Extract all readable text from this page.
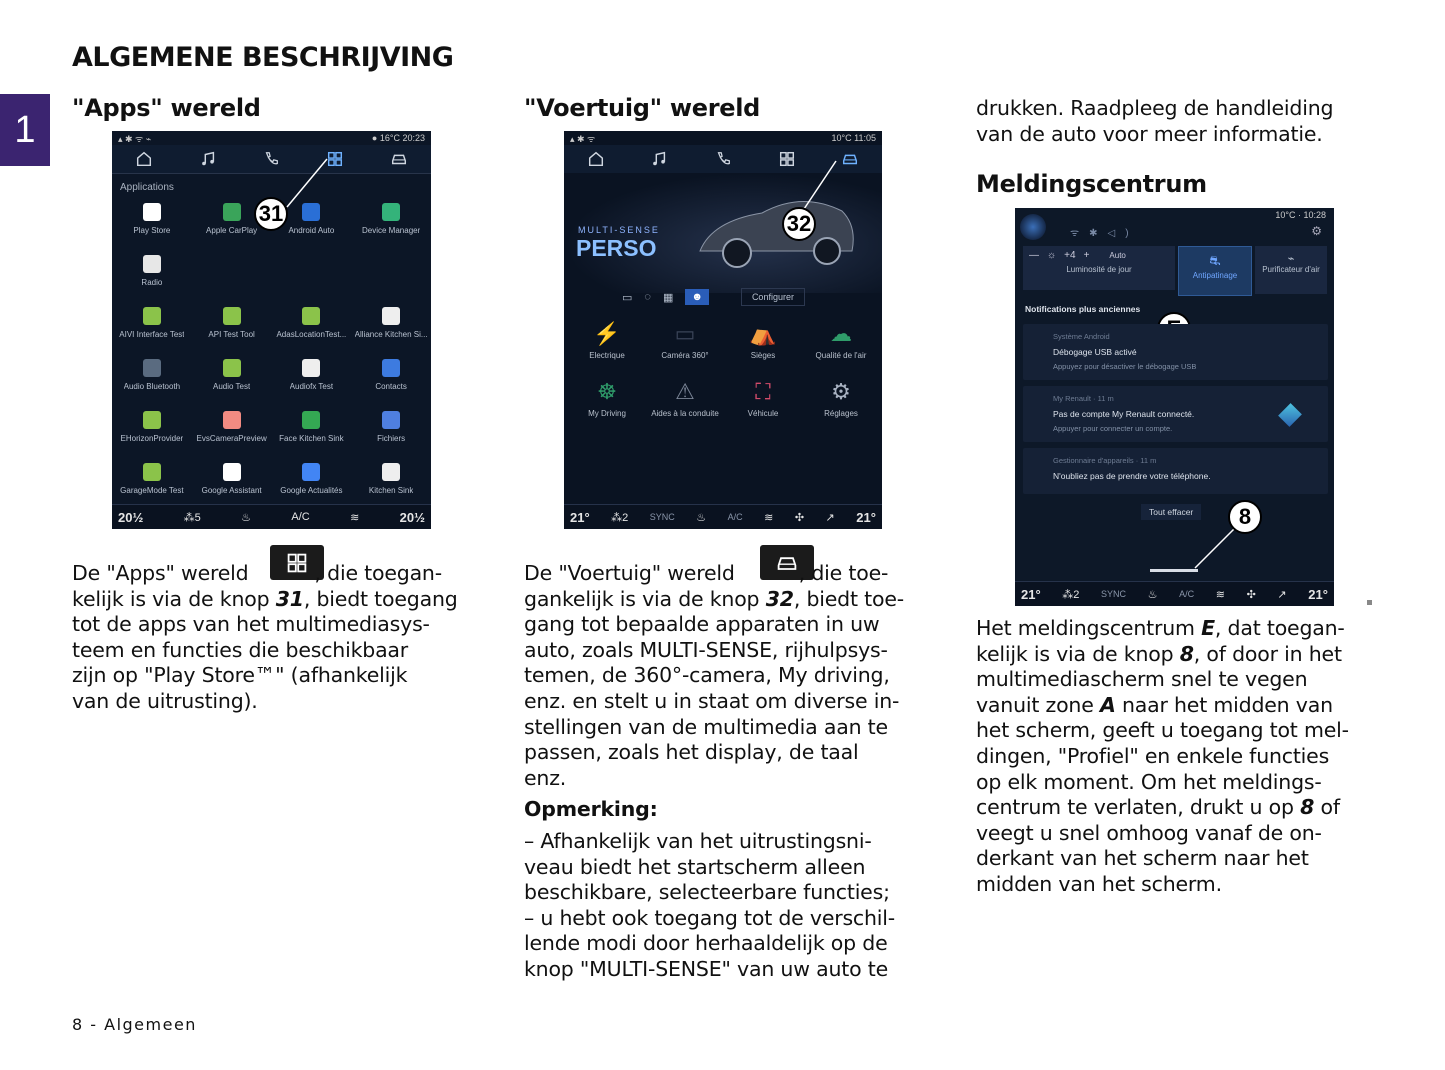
ALGEMENE BESCHRIJVING
1
"Apps" wereld
▴ ✱ ᯤ ⌁	● 16°C 20:23
Applications
Play Store	Apple CarPlay	Android Auto	Device Manager
Radio
AIVI Interface Test	API Test Tool	AdasLocationTest... Alliance Kitchen Si...
Audio Bluetooth	Audio Test	Audiofx Test	Contacts
EHorizonProvider EvsCameraPreview Face Kitchen Sink	Fichiers
GarageMode Test Google Assistant Google Actualités	Kitchen Sink
31
20½	⁂5	♨	A/C	≋	20½
De "Apps" wereld	, die toegan-
kelijk is via de knop 31, biedt toegang
tot de apps van het multimediasys-
teem en functies die beschikbaar
zijn op "Play Store™" (afhankelijk
van de uitrusting).
"Voertuig" wereld
▴ ✱ ᯤ	10°C 11:05
MULTI-SENSE
PERSO
32
▭ ◌ ▦	☻	Configurer
⚡
Electrique
▭
Caméra 360°
⛺
Sièges
☁
Qualité de l'air
☸
My Driving
⚠
Aides à la conduite
⛶
Véhicule
⚙
Réglages
21° ⁂2 SYNC ♨ A/C ≋ ✣ ↗ 21°
De "Voertuig" wereld	, die toe-
gankelijk is via de knop 32, biedt toe-
gang tot bepaalde apparaten in uw
auto, zoals MULTI-SENSE, rijhulpsys-
temen, de 360°-camera, My driving,
enz. en stelt u in staat om diverse in-
stellingen van de multimedia aan te
passen, zoals het display, de taal
enz.
Opmerking:
– Afhankelijk van het uitrustingsni-
veau biedt het startscherm alleen
beschikbare, selecteerbare functies;
– u hebt ook toegang tot de verschil-
lende modi door herhaaldelijk op de
knop "MULTI-SENSE" van uw auto te
drukken. Raadpleeg de handleiding
van de auto voor meer informatie.
Meldingscentrum
10°C · 10:28
⚙
ᯤ✱◁)
— ☼ +4 +	Auto
Luminosité de jour
⛐
Antipatinage
⌁
Purificateur d'air
Notifications plus anciennes
Système Android
Débogage USB activé
Appuyez pour désactiver le débogage USB
My Renault · 11 m
Pas de compte My Renault connecté.
Appuyer pour connecter un compte.
Gestionnaire d'appareils · 11 m
N'oubliez pas de prendre votre téléphone.
Tout effacer	8
21° ⁂2 SYNC ♨ A/C ≋ ✣ ↗ 21°
Het meldingscentrum E, dat toegan-
kelijk is via de knop 8, of door in het
multimediascherm snel te vegen
vanuit zone A naar het midden van
het scherm, geeft u toegang tot mel-
dingen, "Profiel" en enkele functies
op elk moment. Om het meldings-
centrum te verlaten, drukt u op 8 of
veegt u snel omhoog vanaf de on-
derkant van het scherm naar het
midden van het scherm.
8 - Algemeen
